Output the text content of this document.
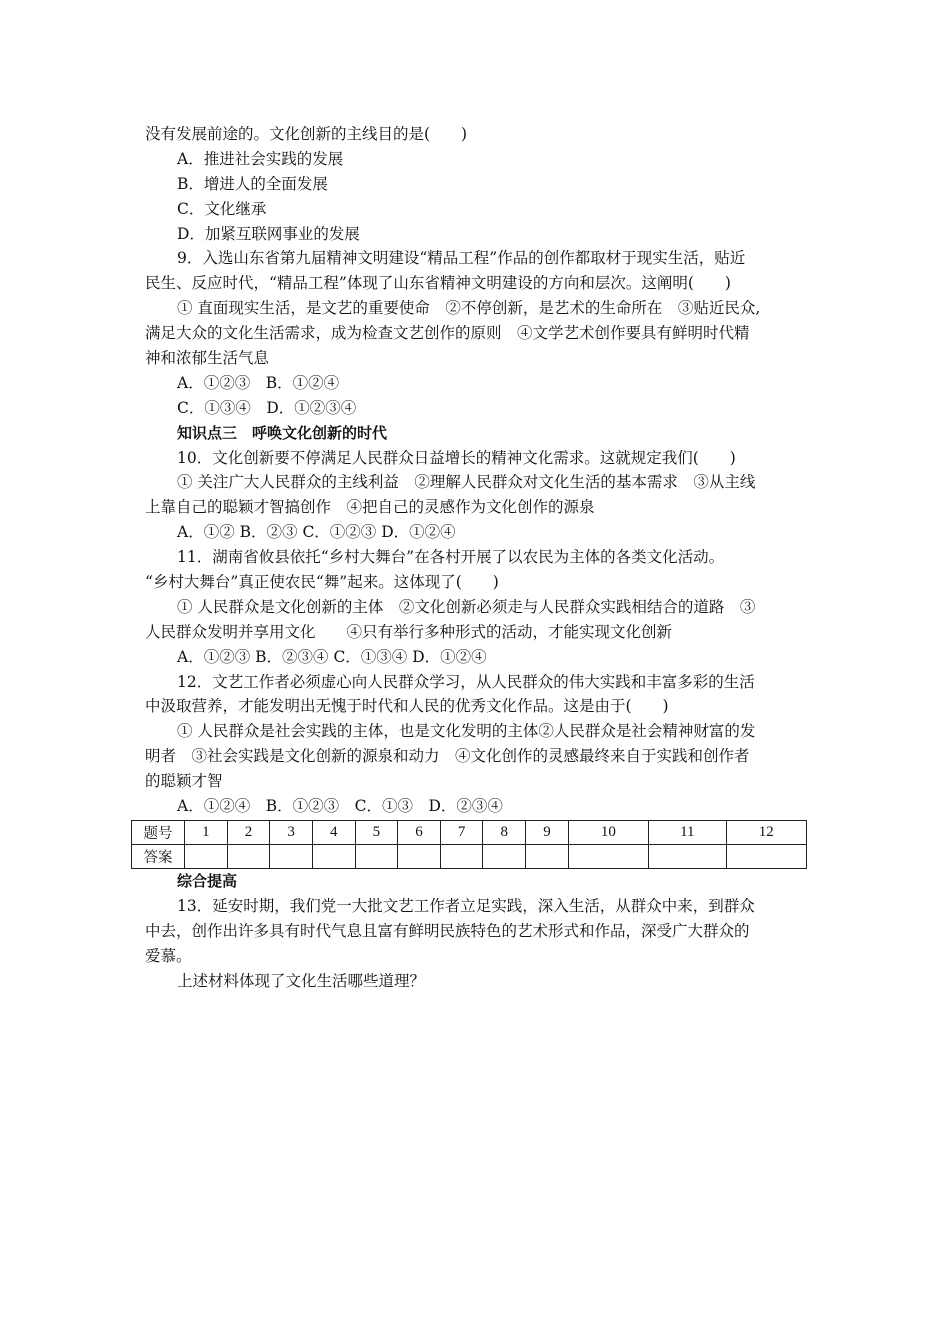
没有发展前途的。文化创新的主线目的是(　　)
A．推进社会实践的发展
B．增进人的全面发展
C．文化继承
D．加紧互联网事业的发展
9．入选山东省第九届精神文明建设“精品工程”作品的创作都取材于现实生活，贴近
民生、反应时代，“精品工程”体现了山东省精神文明建设的方向和层次。这阐明(　　)
① 直面现实生活，是文艺的重要使命　②不停创新，是艺术的生命所在　③贴近民众,
满足大众的文化生活需求，成为检查文艺创作的原则　④文学艺术创作要具有鲜明时代精
神和浓郁生活气息
A．①②③　B．①②④
C．①③④　D．①②③④
知识点三　呼唤文化创新的时代
10．文化创新要不停满足人民群众日益增长的精神文化需求。这就规定我们(　　)
① 关注广大人民群众的主线利益　②理解人民群众对文化生活的基本需求　③从主线
上靠自己的聪颖才智搞创作　④把自己的灵感作为文化创作的源泉
A．①② B．②③ C．①②③ D．①②④
11．湖南省攸县依托“乡村大舞台”在各村开展了以农民为主体的各类文化活动。
“乡村大舞台”真正使农民“舞”起来。这体现了(　　)
① 人民群众是文化创新的主体　②文化创新必须走与人民群众实践相结合的道路　③
人民群众发明并享用文化　　④只有举行多种形式的活动，才能实现文化创新
A．①②③ B．②③④ C．①③④ D．①②④
12．文艺工作者必须虚心向人民群众学习，从人民群众的伟大实践和丰富多彩的生活
中汲取营养，才能发明出无愧于时代和人民的优秀文化作品。这是由于(　　)
① 人民群众是社会实践的主体，也是文化发明的主体②人民群众是社会精神财富的发
明者　③社会实践是文化创新的源泉和动力　④文化创作的灵感最终来自于实践和创作者
的聪颖才智
A．①②④　B．①②③　C．①③　D．②③④
题号	1	2	3	4	5	6	7	8	9	10	11	12
答案												
综合提高
13．延安时期，我们党一大批文艺工作者立足实践，深入生活，从群众中来，到群众
中去，创作出许多具有时代气息且富有鲜明民族特色的艺术形式和作品，深受广大群众的
爱慕。
上述材料体现了文化生活哪些道理？
